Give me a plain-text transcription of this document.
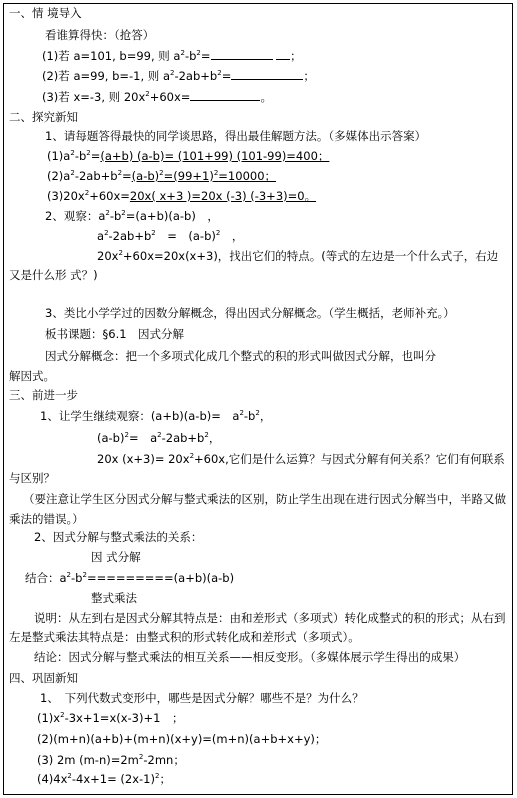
一、情 境导入
看谁算得快：（抢答）
(1)若 a=101, b=99, 则 $a^2-b^2=$	；
(2)若 a=99, b=-1, 则 $a^2-2ab+b^2=$	；
(3)若 x=-3, 则 $20x^2+60x=$	。
二、探究新知
1、请每题答得最快的同学谈思路，得出最佳解题方法。（多媒体出示答案）
$(1)a^2-b^2=(a+b)$ (a-b)= (101+99) (101-99)=400；
$(2)a^2-2ab+b^2=(a-b)^2=(99+1)^2=10000$；
$(3)20x^2+60x=20x$( x+3 )=20x (-3) (-3+3)=0。
2、观察：$a^2-b^2=(a+b)(a-b)$　，
$a^2-2ab+b^2$　=　$(a-b)^2$　，
$20x^2+60x=20x(x+3)$，找出它们的特点。(等式的左边是一个什么式子，右边又是什么形 式？)
3、类比小学学过的因数分解概念，得出因式分解概念。（学生概括，老师补充。）
板书课题：§6.1　因式分解
因式分解概念：把一个多项式化成几个整式的积的形式叫做因式分解，也叫分解因式。
三、前进一步
1、让学生继续观察：(a+b)(a-b)=　$a^2-b^2$，
$(a-b)^2=$　$a^2-2ab+b^2$，
20x $(x+3)= 20x^2+60x$,它们是什么运算？与因式分解有何关系？它们有何联系与区别？
（要注意让学生区分因式分解与整式乘法的区别，防止学生出现在进行因式分解当中，半路又做乘法的错误。）
2、因式分解与整式乘法的关系：
因 式分解
结合：$a^2-b^2=========(a+b)(a-b)$
整式乘法
说明：从左到右是因式分解其特点是：由和差形式（多项式）转化成整式的积的形式；从右到左是整式乘法其特点是：由整式积的形式转化成和差形式（多项式）。
结论：因式分解与整式乘法的相互关系——相反变形。（多媒体展示学生得出的成果）
四、巩固新知
1、　下列代数式变形中，哪些是因式分解？哪些不是？为什么？
$(1)x^2-3x+1=x(x-3)+1$　；
(2)(m+n)(a+b)+(m+n)(x+y)=(m+n)(a+b+x+y)；
(3) 2m $(m-n)=2m^2-2mn$；
$(4)4x^2-4x+1= (2x-1)^2$；
